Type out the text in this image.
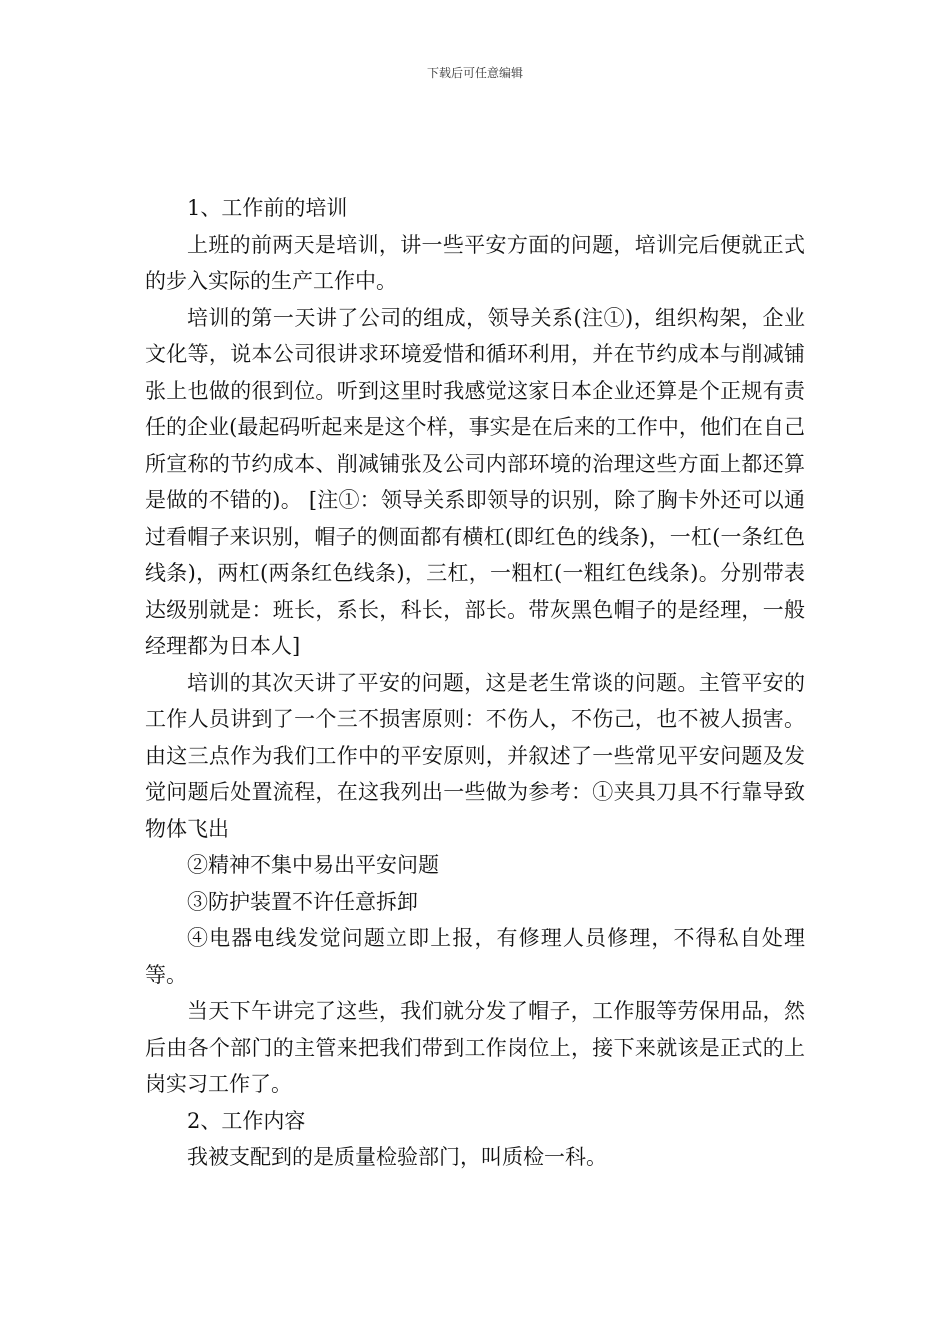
下载后可任意编辑

1、工作前的培训

上班的前两天是培训，讲一些平安方面的问题，培训完后便就正式的步入实际的生产工作中。

培训的第一天讲了公司的组成，领导关系(注①)，组织构架，企业文化等，说本公司很讲求环境爱惜和循环利用，并在节约成本与削减铺张上也做的很到位。听到这里时我感觉这家日本企业还算是个正规有责任的企业(最起码听起来是这个样，事实是在后来的工作中，他们在自己所宣称的节约成本、削减铺张及公司内部环境的治理这些方面上都还算是做的不错的)。 [注①：领导关系即领导的识别，除了胸卡外还可以通过看帽子来识别，帽子的侧面都有横杠(即红色的线条)，一杠(一条红色线条)，两杠(两条红色线条)，三杠，一粗杠(一粗红色线条)。分别带表达级别就是：班长，系长，科长，部长。带灰黑色帽子的是经理，一般经理都为日本人]

培训的其次天讲了平安的问题，这是老生常谈的问题。主管平安的工作人员讲到了一个三不损害原则：不伤人，不伤己，也不被人损害。 由这三点作为我们工作中的平安原则，并叙述了一些常见平安问题及发觉问题后处置流程，在这我列出一些做为参考：①夹具刀具不行靠导致物体飞出

②精神不集中易出平安问题

③防护装置不许任意拆卸

④电器电线发觉问题立即上报，有修理人员修理，不得私自处理等。

当天下午讲完了这些，我们就分发了帽子，工作服等劳保用品，然后由各个部门的主管来把我们带到工作岗位上，接下来就该是正式的上岗实习工作了。

2、工作内容

我被支配到的是质量检验部门，叫质检一科。
